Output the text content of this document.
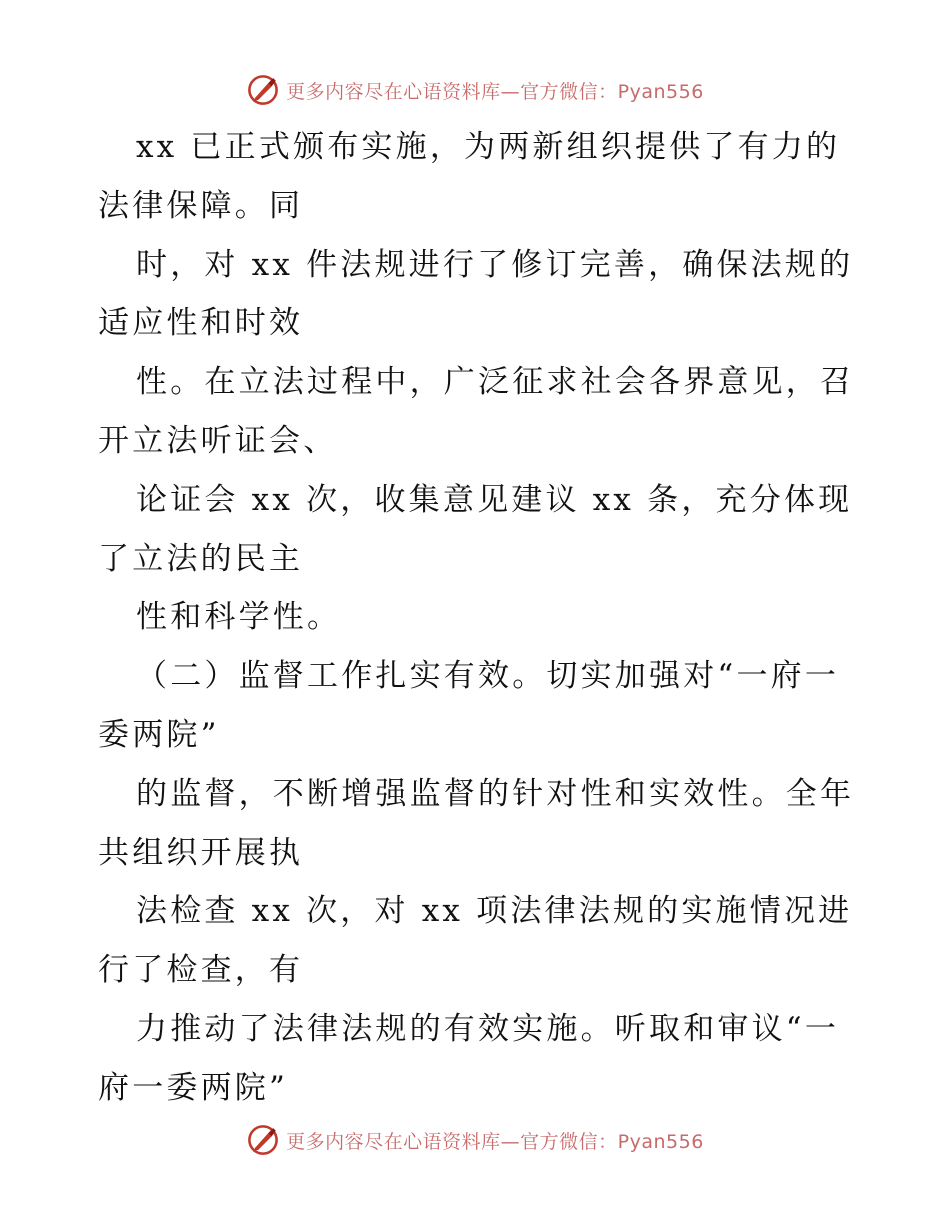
更多内容尽在心语资料库—官方微信：Pyan556
xx 已正式颁布实施，为两新组织提供了有力的
法律保障。同
时，对 xx 件法规进行了修订完善，确保法规的
适应性和时效
性。在立法过程中，广泛征求社会各界意见，召
开立法听证会、
论证会 xx 次，收集意见建议 xx 条，充分体现
了立法的民主
性和科学性。
（二）监督工作扎实有效。切实加强对“一府一
委两院”
的监督，不断增强监督的针对性和实效性。全年
共组织开展执
法检查 xx 次，对 xx 项法律法规的实施情况进
行了检查，有
力推动了法律法规的有效实施。听取和审议“一
府一委两院”
更多内容尽在心语资料库—官方微信：Pyan556
